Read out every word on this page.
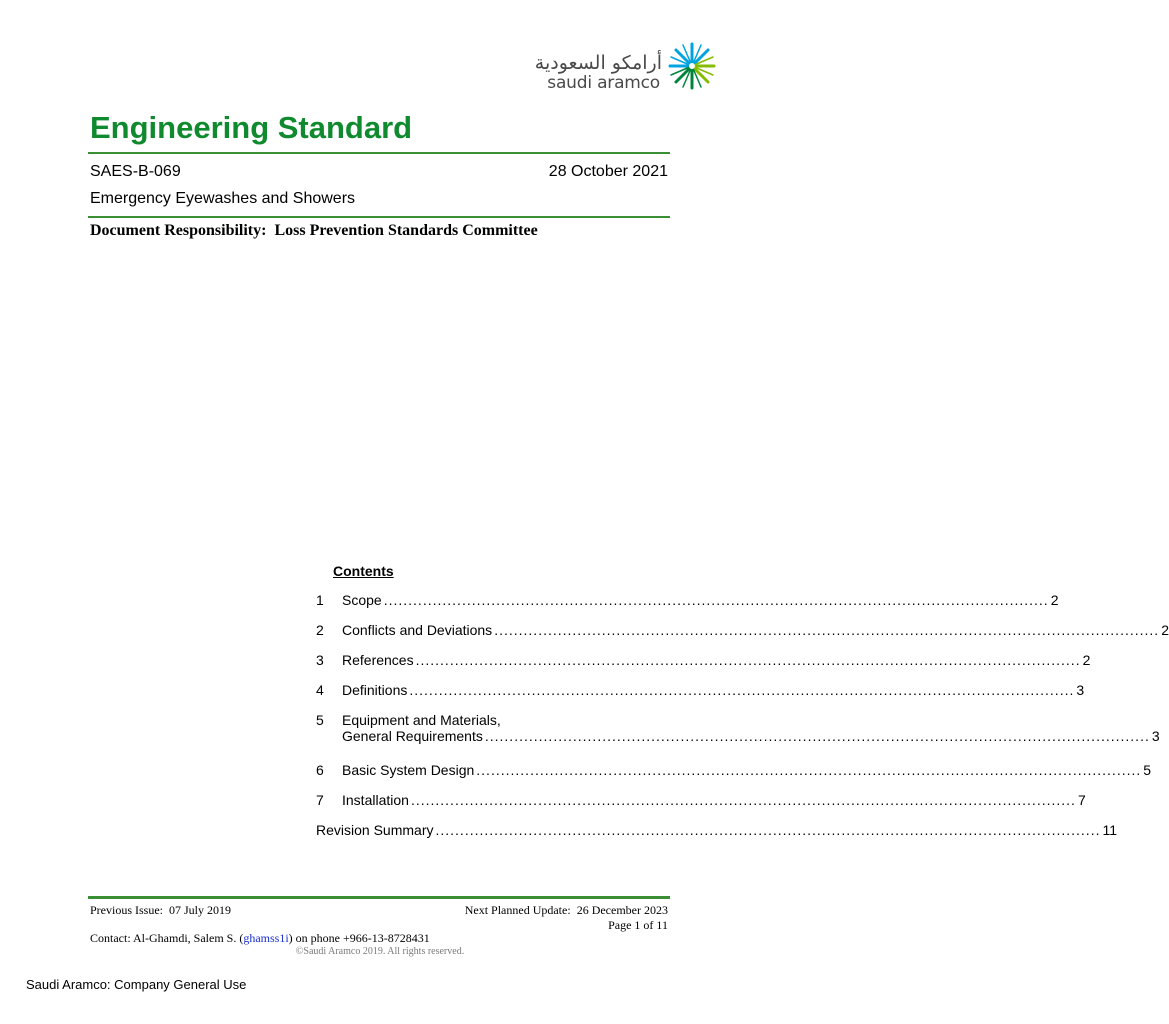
أرامكو السعودية
saudi aramco
Engineering Standard
SAES-B-069	28 October 2021
Emergency Eyewashes and Showers
Document Responsibility: Loss Prevention Standards Committee
Contents
1	Scope .....	2
2	Conflicts and Deviations .....	2
3	References .....	2
4	Definitions .....	3
5	Equipment and Materials,
General Requirements .....	3
6	Basic System Design .....	5
7	Installation .....	7
Revision Summary .....	11
Previous Issue: 07 July 2019	Next Planned Update: 26 December 2023
Page 1 of 11
Contact: Al-Ghamdi, Salem S. (ghamss1i) on phone +966-13-8728431
©Saudi Aramco 2019. All rights reserved.
Saudi Aramco: Company General Use
